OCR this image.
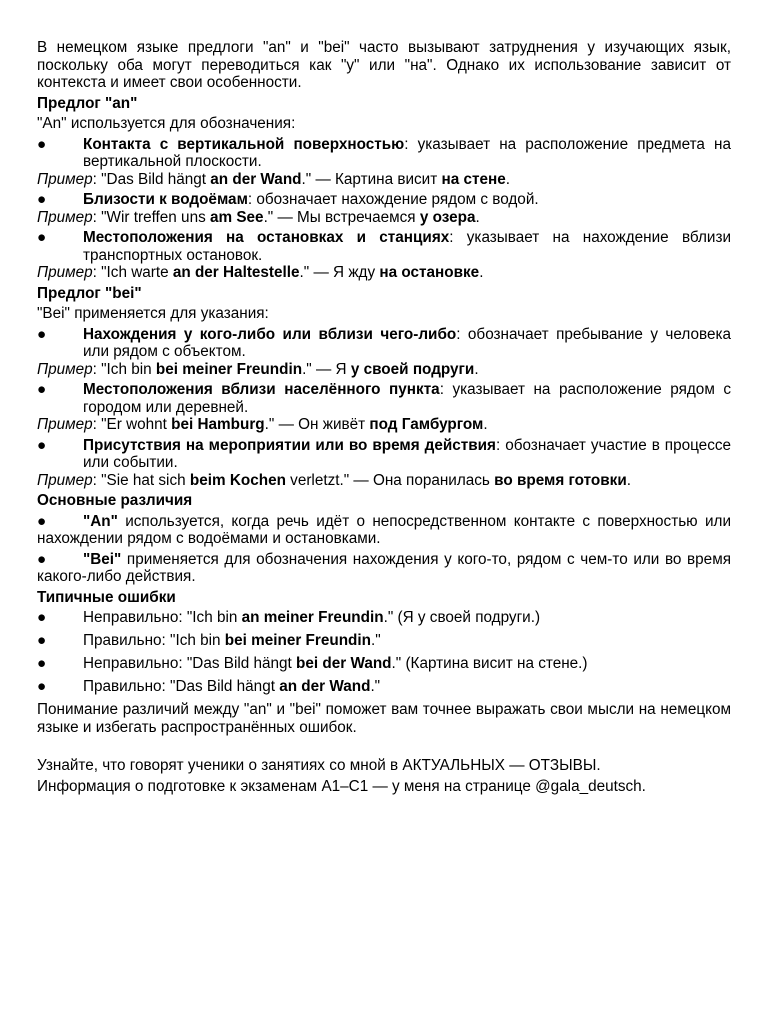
В немецком языке предлоги "an" и "bei" часто вызывают затруднения у изучающих язык, поскольку оба могут переводиться как "у" или "на". Однако их использование зависит от контекста и имеет свои особенности.

Предлог "an"

"An" используется для обозначения:

● Контакта с вертикальной поверхностью: указывает на расположение предмета на вертикальной плоскости.

Пример: "Das Bild hängt an der Wand." — Картина висит на стене.

● Близости к водоёмам: обозначает нахождение рядом с водой.

Пример: "Wir treffen uns am See." — Мы встречаемся у озера.

● Местоположения на остановках и станциях: указывает на нахождение вблизи транспортных остановок.

Пример: "Ich warte an der Haltestelle." — Я жду на остановке.

Предлог "bei"

"Bei" применяется для указания:

● Нахождения у кого-либо или вблизи чего-либо: обозначает пребывание у человека или рядом с объектом.

Пример: "Ich bin bei meiner Freundin." — Я у своей подруги.

● Местоположения вблизи населённого пункта: указывает на расположение рядом с городом или деревней.

Пример: "Er wohnt bei Hamburg." — Он живёт под Гамбургом.

● Присутствия на мероприятии или во время действия: обозначает участие в процессе или событии.

Пример: "Sie hat sich beim Kochen verletzt." — Она поранилась во время готовки.

Основные различия

●	"An" используется, когда речь идёт о непосредственном контакте с поверхностью или нахождении рядом с водоёмами и остановками.

●	"Bei" применяется для обозначения нахождения у кого-то, рядом с чем-то или во время какого-либо действия.

Типичные ошибки

● Неправильно: "Ich bin an meiner Freundin." (Я у своей подруги.)

● Правильно: "Ich bin bei meiner Freundin."

● Неправильно: "Das Bild hängt bei der Wand." (Картина висит на стене.)

● Правильно: "Das Bild hängt an der Wand."

Понимание различий между "an" и "bei" поможет вам точнее выражать свои мысли на немецком языке и избегать распространённых ошибок.

Узнайте, что говорят ученики о занятиях со мной в АКТУАЛЬНЫХ — ОТЗЫВЫ.

Информация о подготовке к экзаменам A1–C1 — у меня на странице @gala_deutsch.
